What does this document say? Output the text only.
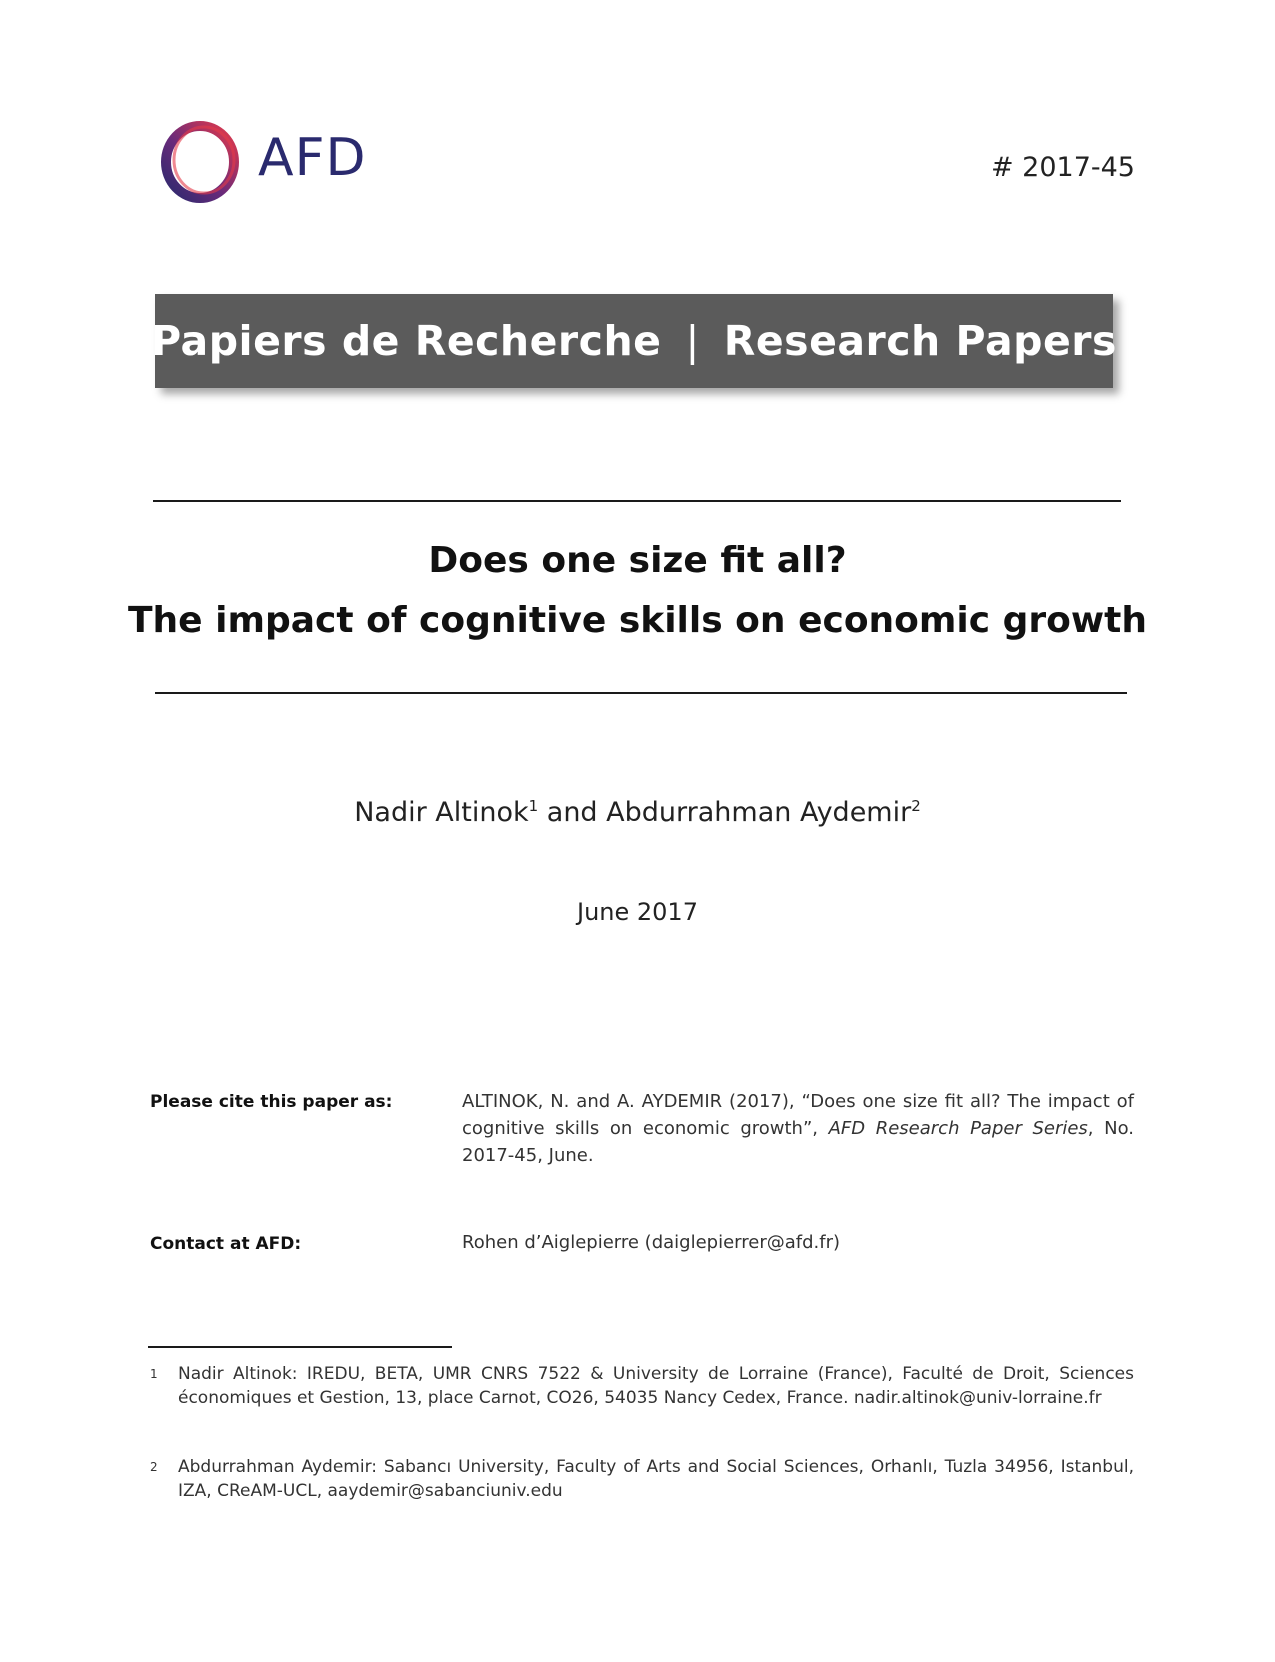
AFD	# 2017-45
Papiers de Recherche | Research Papers
Does one size fit all?
The impact of cognitive skills on economic growth
Nadir Altinok$^1$ and Abdurrahman Aydemir$^2$
June 2017
Please cite this paper as:	ALTINOK, N. and A. AYDEMIR (2017), “Does one size fit all? The impact of cognitive skills on economic growth”, AFD Research Paper Series, No. 2017-45, June.
Contact at AFD:	Rohen d’Aiglepierre (daiglepierrer@afd.fr)
1 Nadir Altinok: IREDU, BETA, UMR CNRS 7522 & University de Lorraine (France), Faculté de Droit, Sciences économiques et Gestion, 13, place Carnot, CO26, 54035 Nancy Cedex, France. nadir.altinok@univ-lorraine.fr
2 Abdurrahman Aydemir: Sabancı University, Faculty of Arts and Social Sciences, Orhanlı, Tuzla 34956, Istanbul, IZA, CReAM-UCL, aaydemir@sabanciuniv.edu
